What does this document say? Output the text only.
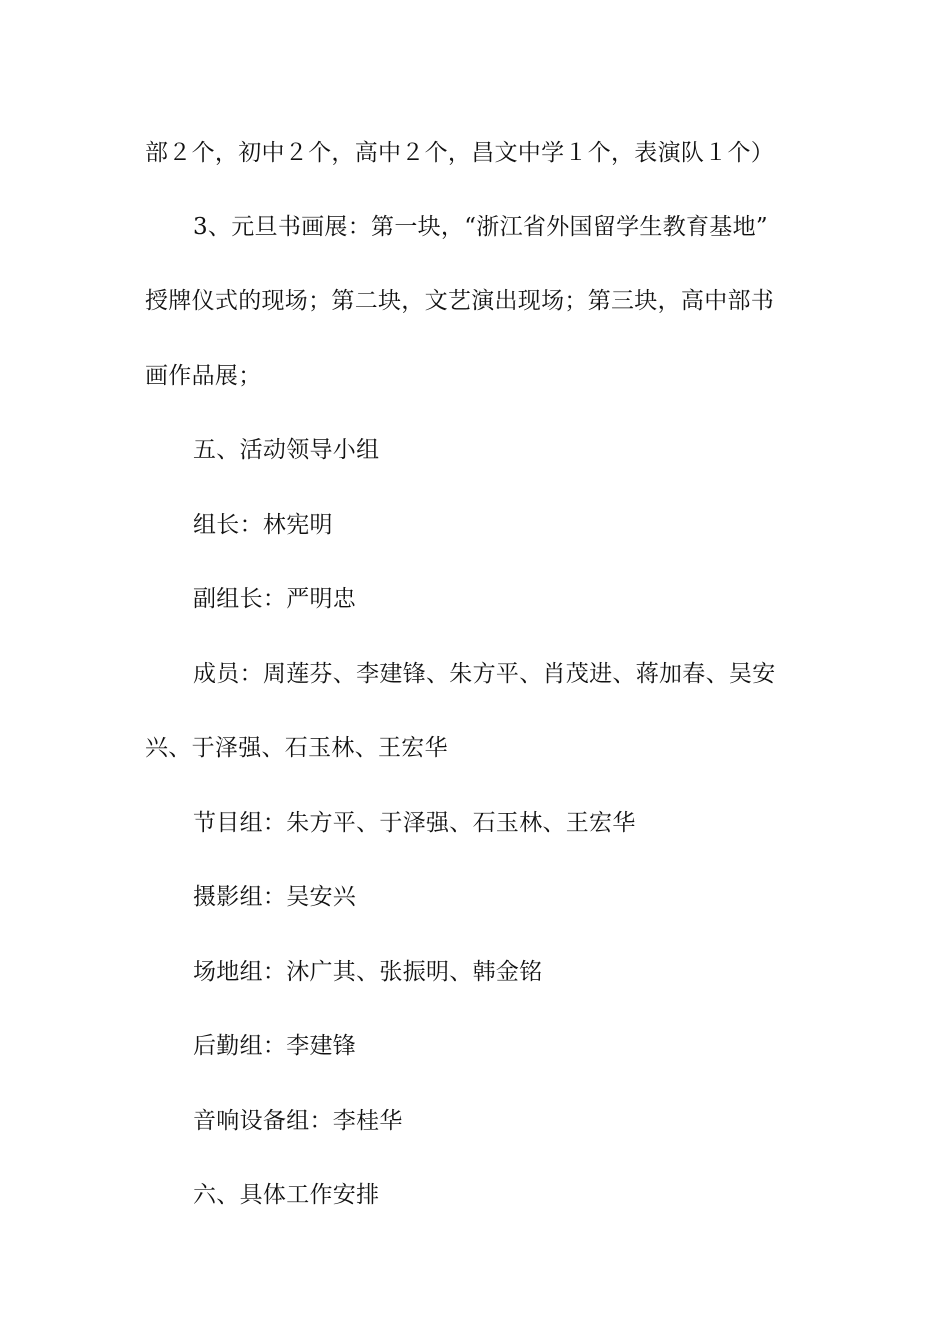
部２个，初中２个，高中２个，昌文中学１个，表演队１个）
3、元旦书画展：第一块，“浙江省外国留学生教育基地”
授牌仪式的现场；第二块，文艺演出现场；第三块，高中部书
画作品展；
五、活动领导小组
组长：林宪明
副组长：严明忠
成员：周莲芬、李建锋、朱方平、肖茂进、蒋加春、吴安
兴、于泽强、石玉林、王宏华
节目组：朱方平、于泽强、石玉林、王宏华
摄影组：吴安兴
场地组：沐广其、张振明、韩金铭
后勤组：李建锋
音响设备组：李桂华
六、具体工作安排
